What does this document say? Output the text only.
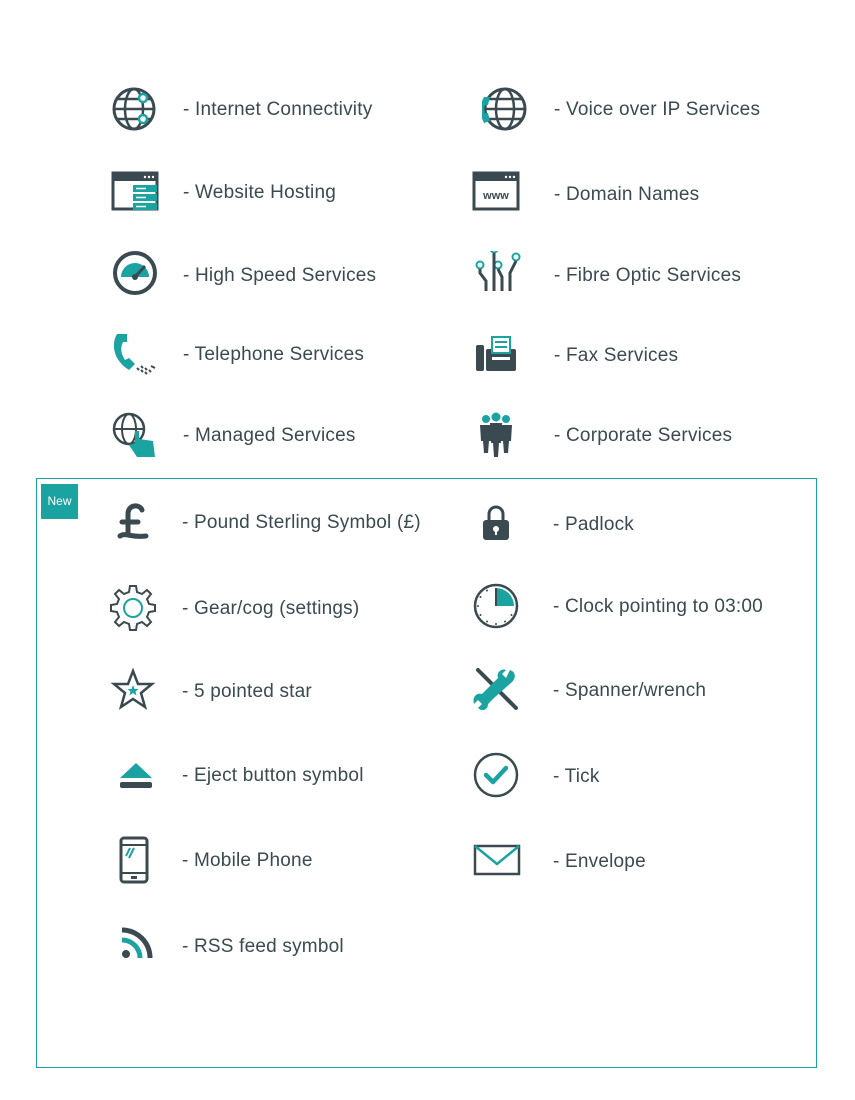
- Internet Connectivity	- Voice over IP Services
- Website Hosting	www - Domain Names
- High Speed Services	- Fibre Optic Services
- Telephone Services	- Fax Services
- Managed Services	- Corporate Services
New
- Pound Sterling Symbol (£)	- Padlock
- Gear/cog (settings)	- Clock pointing to 03:00
- 5 pointed star	- Spanner/wrench
- Eject button symbol	- Tick
- Mobile Phone	- Envelope
- RSS feed symbol
